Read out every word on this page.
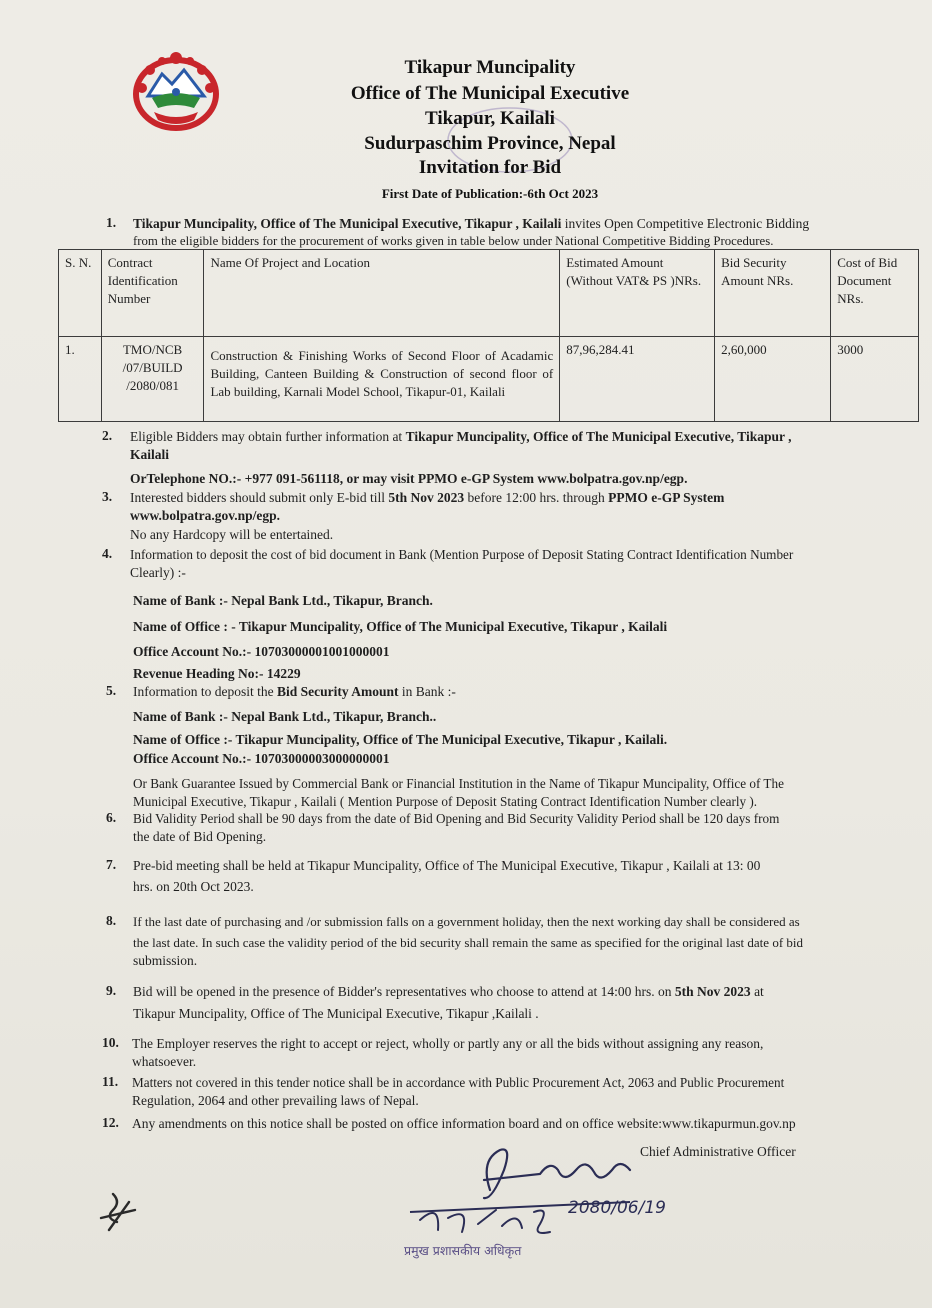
Tikapur Muncipality
Office of The Municipal Executive
Tikapur, Kailali
Sudurpaschim Province, Nepal
Invitation for Bid
First Date of Publication:-6th Oct 2023
1. Tikapur Muncipality, Office of The Municipal Executive, Tikapur , Kailali invites Open Competitive Electronic Bidding
from the eligible bidders for the procurement of works given in table below under National Competitive Bidding Procedures.
S. N.	Contract Identification Number	Name Of Project and Location	Estimated Amount (Without VAT& PS )NRs.	Bid Security Amount NRs.	Cost of Bid Document NRs.
1.	TMO/NCB /07/BUILD /2080/081	Construction & Finishing Works of Second Floor of Acadamic Building, Canteen Building & Construction of second floor of Lab building, Karnali Model School, Tikapur-01, Kailali	87,96,284.41	2,60,000	3000
2. Eligible Bidders may obtain further information at Tikapur Muncipality, Office of The Municipal Executive, Tikapur ,
Kailali
OrTelephone NO.:- +977 091-561118, or may visit PPMO e-GP System www.bolpatra.gov.np/egp.
3. Interested bidders should submit only E-bid till 5th Nov 2023 before 12:00 hrs. through PPMO e-GP System
www.bolpatra.gov.np/egp.
No any Hardcopy will be entertained.
4. Information to deposit the cost of bid document in Bank (Mention Purpose of Deposit Stating Contract Identification Number
Clearly) :-
Name of Bank :- Nepal Bank Ltd., Tikapur, Branch.
Name of Office : - Tikapur Muncipality, Office of The Municipal Executive, Tikapur , Kailali
Office Account No.:- 10703000001001000001
Revenue Heading No:- 14229
5. Information to deposit the Bid Security Amount in Bank :-
Name of Bank :- Nepal Bank Ltd., Tikapur, Branch..
Name of Office :- Tikapur Muncipality, Office of The Municipal Executive, Tikapur , Kailali.
Office Account No.:- 10703000003000000001
Or Bank Guarantee Issued by Commercial Bank or Financial Institution in the Name of Tikapur Muncipality, Office of The
Municipal Executive, Tikapur , Kailali ( Mention Purpose of Deposit Stating Contract Identification Number clearly ).
6. Bid Validity Period shall be 90 days from the date of Bid Opening and Bid Security Validity Period shall be 120 days from
the date of Bid Opening.
7. Pre-bid meeting shall be held at Tikapur Muncipality, Office of The Municipal Executive, Tikapur , Kailali at 13: 00
hrs. on 20th Oct 2023.
8. If the last date of purchasing and /or submission falls on a government holiday, then the next working day shall be considered as
the last date. In such case the validity period of the bid security shall remain the same as specified for the original last date of bid
submission.
9. Bid will be opened in the presence of Bidder's representatives who choose to attend at 14:00 hrs. on 5th Nov 2023 at
Tikapur Muncipality, Office of The Municipal Executive, Tikapur ,Kailali .
10. The Employer reserves the right to accept or reject, wholly or partly any or all the bids without assigning any reason,
whatsoever.
11. Matters not covered in this tender notice shall be in accordance with Public Procurement Act, 2063 and Public Procurement
Regulation, 2064 and other prevailing laws of Nepal.
12. Any amendments on this notice shall be posted on office information board and on office website:www.tikapurmun.gov.np
Chief Administrative Officer
प्रमुख प्रशासकीय अधिकृत
2080/06/19
